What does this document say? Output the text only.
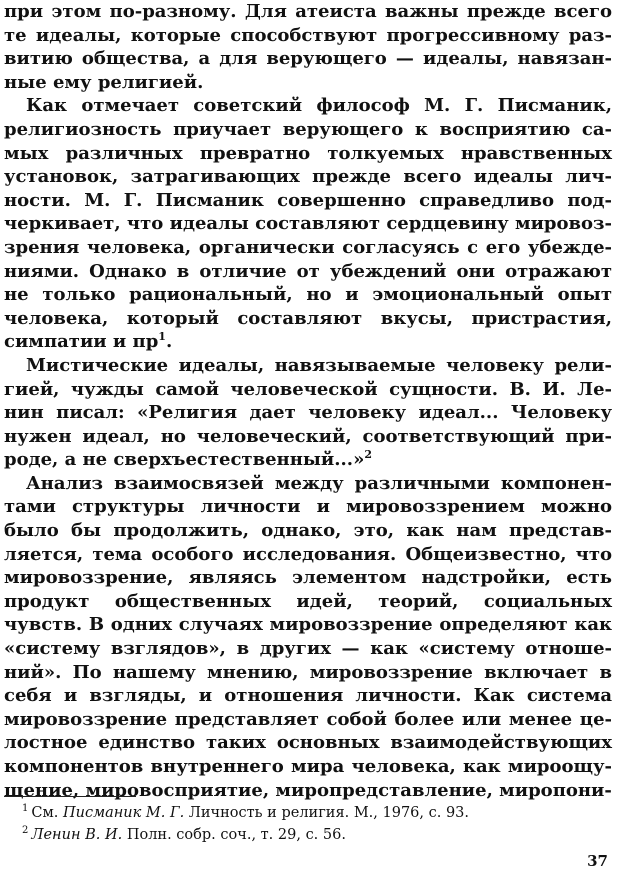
при этом по-разному. Для атеиста важны прежде всего
те идеалы, которые способствуют прогрессивному раз-
витию общества, а для верующего — идеалы, навязан-
ные ему религией.
Как отмечает советский философ М. Г. Писманик,
религиозность приучает верующего к восприятию са-
мых различных превратно толкуемых нравственных
установок, затрагивающих прежде всего идеалы лич-
ности. М. Г. Писманик совершенно справедливо под-
черкивает, что идеалы составляют сердцевину мировоз-
зрения человека, органически согласуясь с его убежде-
ниями. Однако в отличие от убеждений они отражают
не только рациональный, но и эмоциональный опыт
человека, который составляют вкусы, пристрастия,
симпатии и $пр^1$.
Мистические идеалы, навязываемые человеку рели-
гией, чужды самой человеческой сущности. В. И. Ле-
нин писал: «Религия дает человеку идеал... Человеку
нужен идеал, но человеческий, соответствующий при-
роде, а не сверхъестественный...»$^2$
Анализ взаимосвязей между различными компонен-
тами структуры личности и мировоззрением можно
было бы продолжить, однако, это, как нам представ-
ляется, тема особого исследования. Общеизвестно, что
мировоззрение, являясь элементом надстройки, есть
продукт общественных идей, теорий, социальных
чувств. В одних случаях мировоззрение определяют как
«систему взглядов», в других — как «систему отноше-
ний». По нашему мнению, мировоззрение включает в
себя и взгляды, и отношения личности. Как система
мировоззрение представляет собой более или менее це-
лостное единство таких основных взаимодействующих
компонентов внутреннего мира человека, как мироощу-
щение, мировосприятие, миропредставление, миропони-
$^1$ См. Писманик М. Г. Личность и религия. М., 1976, с. 93.
$^2$ Ленин В. И. Полн. собр. соч., т. 29, с. 56.
37
